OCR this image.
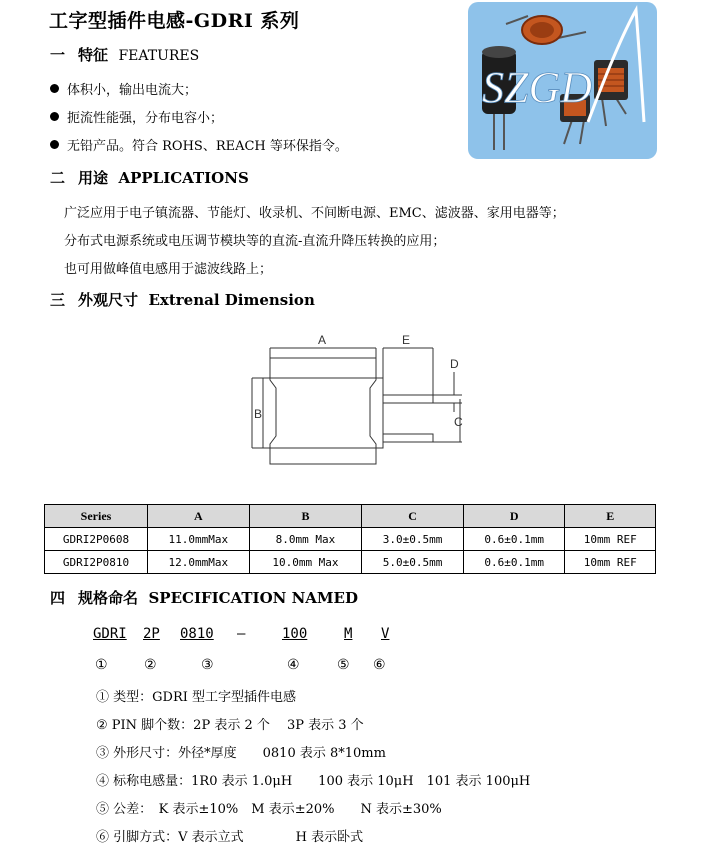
工字型插件电感-GDRI 系列
SZGD
一 特征 FEATURES
体积小，输出电流大；
扼流性能强，分布电容小；
无铅产品。符合 ROHS、REACH 等环保指令。
二 用途 APPLICATIONS
广泛应用于电子镇流器、节能灯、收录机、不间断电源、EMC、滤波器、家用电器等；
分布式电源系统或电压调节模块等的直流-直流升降压转换的应用；
也可用做峰值电感用于滤波线路上；
三 外观尺寸 Extrenal Dimension
A	E
B
D
C
Series	A	B	C	D	E
GDRI2P0608	11.0mmMax	8.0mm Max	3.0±0.5mm	0.6±0.1mm	10mm REF
GDRI2P0810	12.0mmMax	10.0mm Max	5.0±0.5mm	0.6±0.1mm	10mm REF
四 规格命名 SPECIFICATION NAMED
GDRI 2P 0810 —	100	M V
①	②	③	④	⑤ ⑥
① 类型：GDRI 型工字型插件电感
② PIN 脚个数：2P 表示 2 个　 3P 表示 3 个
③ 外形尺寸：外径*厚度　　0810 表示 8*10mm
④ 标称电感量：1R0 表示 1.0μH　　100 表示 10μH　101 表示 100μH
⑤ 公差：　K 表示±10%　M 表示±20%　　N 表示±30%
⑥ 引脚方式：V 表示立式　　　　H 表示卧式
